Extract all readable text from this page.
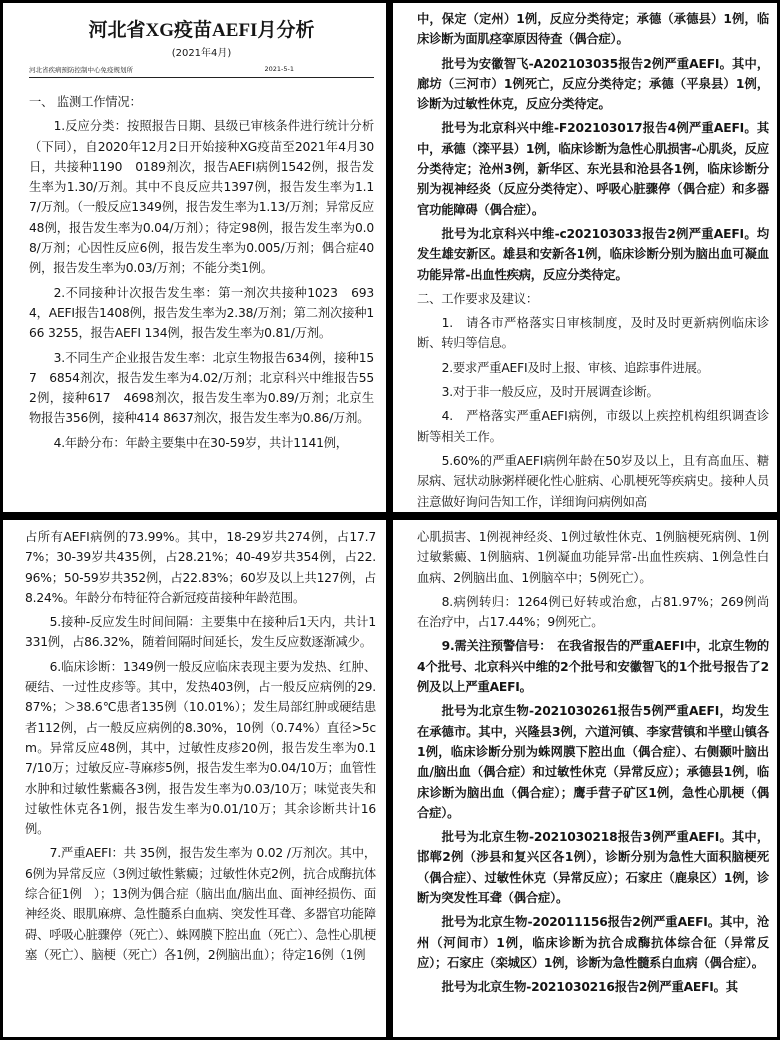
河北省XG疫苗AEFI月分析
(2021年4月)
河北省疾病预防控制中心免疫规划所	2021-5-1

一、 监测工作情况：

1.反应分类：按照报告日期、县级已审核条件进行统计分析（下同），自2020年12月2日开始接种XG疫苗至2021年4月30日，共接种1190　0189剂次，报告AEFI病例1542例，报告发生率为1.30/万剂。其中不良反应共1397例，报告发生率为1.17/万剂。（一般反应1349例，报告发生率为1.13/万剂；异常反应48例，报告发生率为0.04/万剂）；待定98例，报告发生率为0.08/万剂；心因性反应6例，报告发生率为0.005/万剂；偶合症40例，报告发生率为0.03/万剂；不能分类1例。

2.不同接种计次报告发生率：第一剂次共接种1023　6934，AEFI报告1408例，报告发生率为2.38/万剂；第二剂次接种166 3255，报告AEFI 134例，报告发生率为0.81/万剂。

3.不同生产企业报告发生率：北京生物报告634例，接种157　6854剂次，报告发生率为4.02/万剂；北京科兴中维报告552例，接种617　4698剂次，报告发生率为0.89/万剂；北京生物报告356例，接种414 8637剂次，报告发生率为0.86/万剂。

4.年龄分布：年龄主要集中在30-59岁，共计1141例，

中，保定（定州）1例，反应分类待定；承德（承德县）1例，临床诊断为面肌痉挛原因待查（偶合症）。

批号为安徽智飞-A202103035报告2例严重AEFI。其中，廊坊（三河市）1例死亡，反应分类待定；承德（平泉县）1例，诊断为过敏性休克，反应分类待定。

批号为北京科兴中维-F202103017报告4例严重AEFI。其中，承德（滦平县）1例，临床诊断为急性心肌损害-心肌炎，反应分类待定；沧州3例，新华区、东光县和沧县各1例，临床诊断分别为视神经炎（反应分类待定）、呼吸心脏骤停（偶合症）和多器官功能障碍（偶合症）。

批号为北京科兴中维-c202103033报告2例严重AEFI。均发生雄安新区。雄县和安新各1例，临床诊断分别为脑出血可凝血功能异常-出血性疾病，反应分类待定。

二、工作要求及建议：

1.　请各市严格落实日审核制度，及时及时更新病例临床诊断、转归等信息。

2.要求严重AEFI及时上报、审核、追踪事件进展。

3.对于非一般反应，及时开展调查诊断。

4.　严格落实严重AEFI病例，市级以上疾控机构组织调查诊断等相关工作。

5.60%的严重AEFI病例年龄在50岁及以上，且有高血压、糖尿病、冠状动脉粥样硬化性心脏病、心肌梗死等疾病史。接种人员注意做好询问告知工作，详细询问病例如高

占所有AEFI病例的73.99%。其中，18-29岁共274例，占17.77%；30-39岁共435例，占28.21%；40-49岁共354例，占22.96%；50-59岁共352例，占22.83%；60岁及以上共127例，占8.24%。年龄分布特征符合新冠疫苗接种年龄范围。

5.接种-反应发生时间间隔：主要集中在接种后1天内，共计1331例，占86.32%，随着间隔时间延长，发生反应数逐渐减少。

6.临床诊断：1349例一般反应临床表现主要为发热、红肿、硬结、一过性皮疹等。其中，发热403例，占一般反应病例的29.87%；＞38.6℃患者135例（10.01%）；发生局部红肿或硬结患者112例，占一般反应病例的8.30%，10例（0.74%）直径>5cm。异常反应48例，其中，过敏性皮疹20例，报告发生率为0.17/10万；过敏反应-荨麻疹5例，报告发生率为0.04/10万；血管性水肿和过敏性紫癜各3例，报告发生率为0.03/10万；味觉丧失和过敏性休克各1例，报告发生率为0.01/10万；其余诊断共计16例。

7.严重AEFI：共 35例，报告发生率为 0.02 /万剂次。其中，6例为异常反应（3例过敏性紫癜；过敏性休克2例，抗合成酶抗体综合征1例　）；13例为偶合症（脑出血/脑出血、面神经损伤、面神经炎、眼肌麻痹、急性髓系白血病、突发性耳聋、多器官功能障碍、呼吸心脏骤停（死亡）、蛛网膜下腔出血（死亡）、急性心肌梗塞（死亡）、脑梗（死亡）各1例，2例脑出血）；待定16例（1例

心肌损害、1例视神经炎、1例过敏性休克、1例脑梗死病例、1例过敏紫癜、1例脑病、1例凝血功能异常-出血性疾病、1例急性白血病、2例脑出血、1例脑卒中；5例死亡）。

8.病例转归：1264例已好转或治愈，占81.97%；269例尚在治疗中，占17.44%；9例死亡。

9.需关注预警信号：　在我省报告的严重AEFI中，北京生物的4个批号、北京科兴中维的2个批号和安徽智飞的1个批号报告了2例及以上严重AEFI。

批号为北京生物-2021030261报告5例严重AEFI，均发生在承德市。其中，兴隆县3例，六道河镇、李家营镇和半壁山镇各1例，临床诊断分别为蛛网膜下腔出血（偶合症）、右侧颞叶脑出血/脑出血（偶合症）和过敏性休克（异常反应）；承德县1例，临床诊断为脑出血（偶合症）；鹰手营子矿区1例，急性心肌梗（偶合症）。

批号为北京生物-2021030218报告3例严重AEFI。其中，邯郸2例（涉县和复兴区各1例），诊断分别为急性大面积脑梗死（偶合症）、过敏性休克（异常反应）；石家庄（鹿泉区）1例，诊断为突发性耳聋（偶合症）。

批号为北京生物-202011156报告2例严重AEFI。其中，沧州（河间市）1例，临床诊断为抗合成酶抗体综合征（异常反应）；石家庄（栾城区）1例，诊断为急性髓系白血病（偶合症）。

批号为北京生物-2021030216报告2例严重AEFI。其
